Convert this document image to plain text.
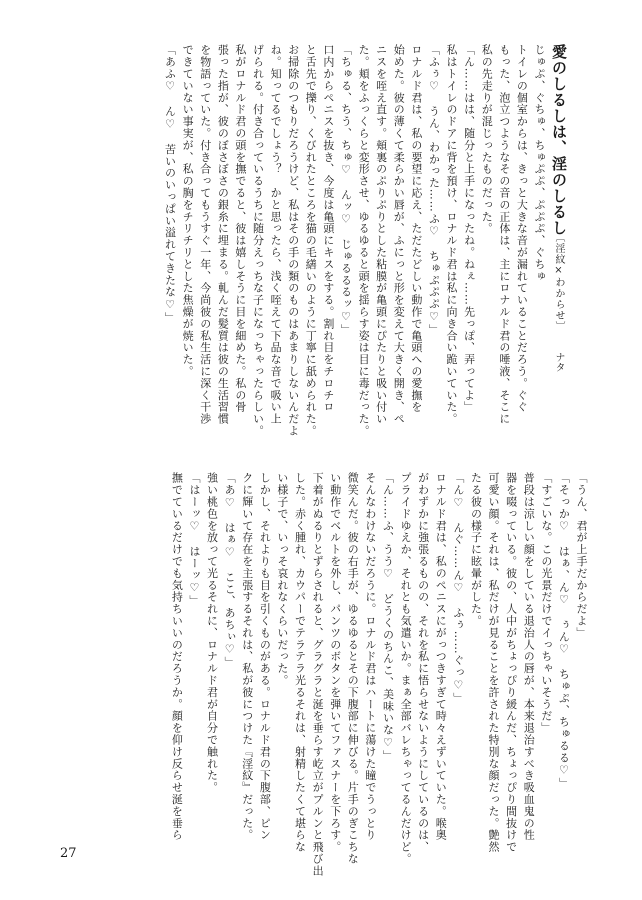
愛のしるしは、淫のしるし

〔淫紋×わからせ〕

ナタ

じゅぷ、ぐちゅ、ちゅぷぷ、ぷぷぷ、ぐちゅ
トイレの個室からは、きっと大きな音が漏れていることだろう。ぐぐ
もった、泡立つようなその音の正体は、主にロナルド君の唾液、そこに
私の先走りが混じったものだった。
「ん……はは、随分と上手になったね。ねぇ……先っぽ、弄ってよ」
私はトイレのドアに背を預け、ロナルド君は私に向き合い跪いていた。
「ふぅ♡　うん、わかった……ふ♡　ちゅぷぷぷ♡」
ロナルド君は、私の要望に応え、ただたどしい動作で亀頭への愛撫を
始めた。彼の薄くて柔らかい唇が、ふにっと形を変えて大きく開き、ペ
ニスを咥え直す。頬裏のぷりぷりとした粘膜が亀頭にぴたりと吸い付い
た。頬をふっくらと変形させ、ゆるゆると頭を揺らす姿は目に毒だった。
「ちゅる、ちう、ちゅ♡　んッ♡　じゅるるるッ♡」
口内からペニスを抜き、今度は亀頭にキスをする。割れ目をチロチロ
と舌先で擽り、くびれたところを猫の毛繕いのように丁寧に舐められた。
お掃除のつもりだろうけど、私はその手の類のものはあまりしないんだよ
ね。知ってるでしょう？　かと思ったら、浅く咥えて下品な音で吸い上
げられる。付き合っているうちに随分えっちな子になっちゃったらしい。
私がロナルド君の頭を撫でると、彼は嬉しそうに目を細めた。私の骨
張った指が、彼のぼさぼさの銀糸に埋まる。軋んだ髪質は彼の生活習慣
を物語っていた。付き合ってもうすぐ一年、今尚彼の私生活に深く干渉
できていない事実が、私の胸をチリチリとした焦燥が焼いた。
「あふ♡　ん♡　苦いのいっぱい溢れてきたな♡」
「うん、君が上手だからだよ」
「そっか♡　はぁ、ん♡　ぅん♡　ちゅぷ、ちゅるる♡」
「すごいな。この光景だけでイっちゃいそうだ」
普段は涼しい顔をしている退治人の唇が、本来退治すべき吸血鬼の性
器を啜っている。彼の、人中がちょっぴり緩んだ、ちょっぴり間抜けで
可愛い顔。それは、私だけが見ることを許された特別な顔だった。艶然
たる彼の様子に眩暈がした。
「ん♡　んぐ……ん♡　ふぅ……ぐっ♡」
ロナルド君は、私のペニスにがっつきすぎて時々えずいていた。喉奥
がわずかに強張るものの、それを私に悟らせないようにしているのは、
プライドゆえか、それとも気遣いか。まぁ全部バレちゃってるんだけど。
「ん……ふ、うう♡　どうくのちんこ、美味いな♡」
そんなわけないだろうに。ロナルド君はハートに蕩けた瞳でうっとり
微笑んだ。彼の右手が、ゆるゆるとその下腹部に伸びる。片手のぎこちな
い動作でベルトを外し、パンツのボタンを弾いてファスナーを下ろす。
下着がぬるりとずらされると、グラグラと涎を垂らす屹立がプルンと飛び出
した。赤く腫れ、カウパーでテラテラ光るそれは、射精したくて堪らな
い様子で、いっそ哀れなくらいだった。
しかし、それよりも目を引くものがある。ロナルド君の下腹部、ピン
クに輝いて存在を主張するそれは、私が彼につけた『淫紋』だった。
「あ♡　はぁ♡　ここ、あちぃ♡」
強い桃色を放って光るそれに、ロナルド君が自分で触れた。
「はーッ♡　はーッ♡」
撫でているだけでも気持ちいいのだろうか。顔を仰け反らせ涎を垂ら

27
